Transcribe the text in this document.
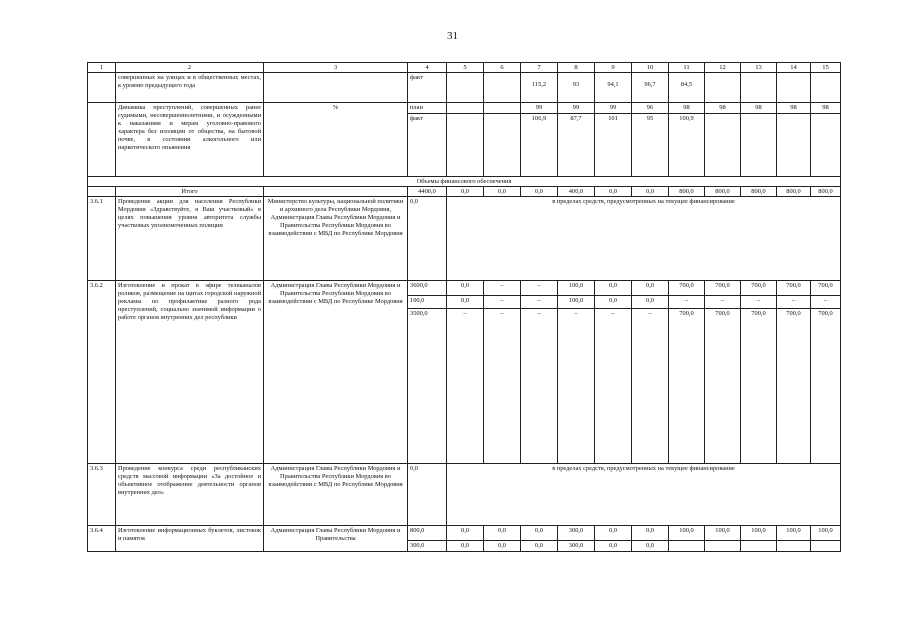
31
1	2	3	4	5	6	7	8	9	10	11	12	13	14	15
	совершенных на улицах и в общественных местах, к уровню предыдущего года		факт			115,2	93	94,1	96,7	84,5				
	Динамика преступлений, совершенных ранее судимыми, несовершеннолетними, и осужденными к наказаниям и мерам уголовно-правового характера без изоляции от общества, на бытовой почве, в состоянии алкогольного или наркотического опьянения	%	план			99	99	99	96	98	98	98	98	98
			факт			106,9	87,7	101	95	100,9				
Объемы финансового обеспечения														
	Итого		4400,0	0,0	0,0	0,0	400,0	0,0	0,0	800,0	800,0	800,0	800,0	800,0
3.6.1	Проведение акции для населения Республики Мордовия «Здравствуйте, я Ваш участковый» в целях повышения уровня авторитета службы участковых уполномоченных полиции	Министерство культуры, национальной политики и архивного дела Республики Мордовия, Администрация Главы Республики Мордовия и Правительства Республики Мордовия во взаимодействии с МВД по Республике Мордовия	0,0	в пределах средств, предусмотренных на текущее финансирование										
3.6.2	Изготовление и прокат в эфире телеканалов роликов, размещение на щитах городской наружной рекламы по профилактике разного рода преступлений, социально значимой информации о работе органов внутренних дел республики	Администрация Главы Республики Мордовия и Правительства Республики Мордовия во взаимодействии с МВД по Республике Мордовия	3600,0	0,0	–	–	100,0	0,0	0,0	700,0	700,0	700,0	700,0	700,0
			100,0	0,0	–	–	100,0	0,0	0,0	–	–	–	–	–
			3500,0	–	–	–	–	–	–	700,0	700,0	700,0	700,0	700,0
3.6.3	Проведение конкурса среди республиканских средств массовой информации «За достойное и объективное отображение деятельности органов внутренних дел»	Администрация Главы Республики Мордовия и Правительства Республики Мордовия во взаимодействии с МВД по Республике Мордовия	0,0	в пределах средств, предусмотренных на текущее финансирование										
3.6.4	Изготовление информационных буклетов, листовок и памяток	Администрация Главы Республики Мордовия и Правительства	800,0	0,0	0,0	0,0	300,0	0,0	0,0	100,0	100,0	100,0	100,0	100,0
			300,0	0,0	0,0	0,0	300,0	0,0	0,0					
